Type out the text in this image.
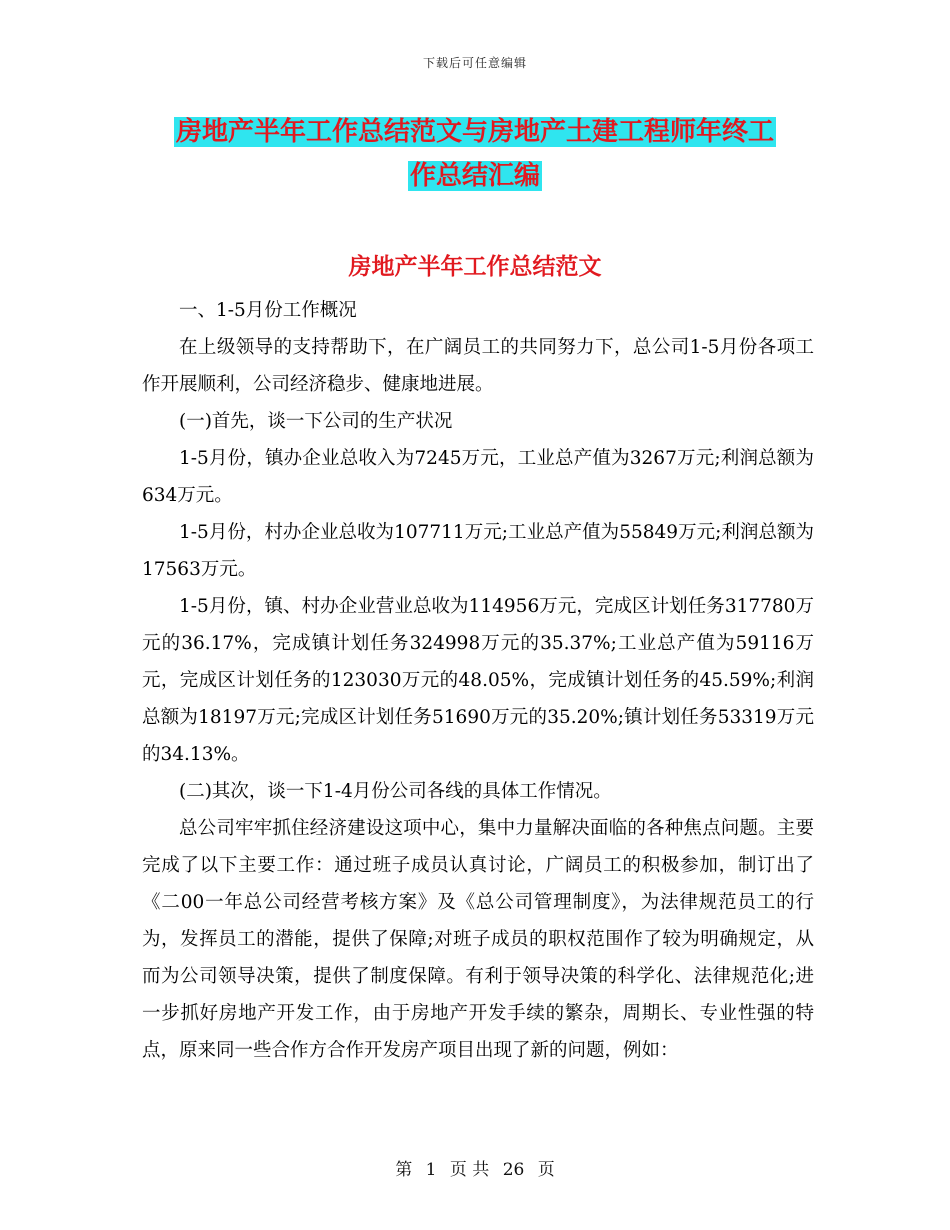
下载后可任意编辑
房地产半年工作总结范文与房地产土建工程师年终工
作总结汇编
房地产半年工作总结范文

一、1-5月份工作概况

在上级领导的支持帮助下，在广阔员工的共同努力下，总公司1-5月份各项工作开展顺利，公司经济稳步、健康地进展。

(一)首先，谈一下公司的生产状况

1-5月份，镇办企业总收入为7245万元，工业总产值为3267万元;利润总额为634万元。

1-5月份，村办企业总收为107711万元;工业总产值为55849万元;利润总额为17563万元。

1-5月份，镇、村办企业营业总收为114956万元，完成区计划任务317780万元的36.17%，完成镇计划任务324998万元的35.37%;工业总产值为59116万元，完成区计划任务的123030万元的48.05%，完成镇计划任务的45.59%;利润总额为18197万元;完成区计划任务51690万元的35.20%;镇计划任务53319万元的34.13%。

(二)其次，谈一下1-4月份公司各线的具体工作情况。

总公司牢牢抓住经济建设这项中心，集中力量解决面临的各种焦点问题。主要完成了以下主要工作：通过班子成员认真讨论，广阔员工的积极参加，制订出了《二00一年总公司经营考核方案》及《总公司管理制度》，为法律规范员工的行为，发挥员工的潜能，提供了保障;对班子成员的职权范围作了较为明确规定，从而为公司领导决策，提供了制度保障。有利于领导决策的科学化、法律规范化;进一步抓好房地产开发工作，由于房地产开发手续的繁杂，周期长、专业性强的特点，原来同一些合作方合作开发房产项目出现了新的问题，例如：

第 1 页 共 26 页
